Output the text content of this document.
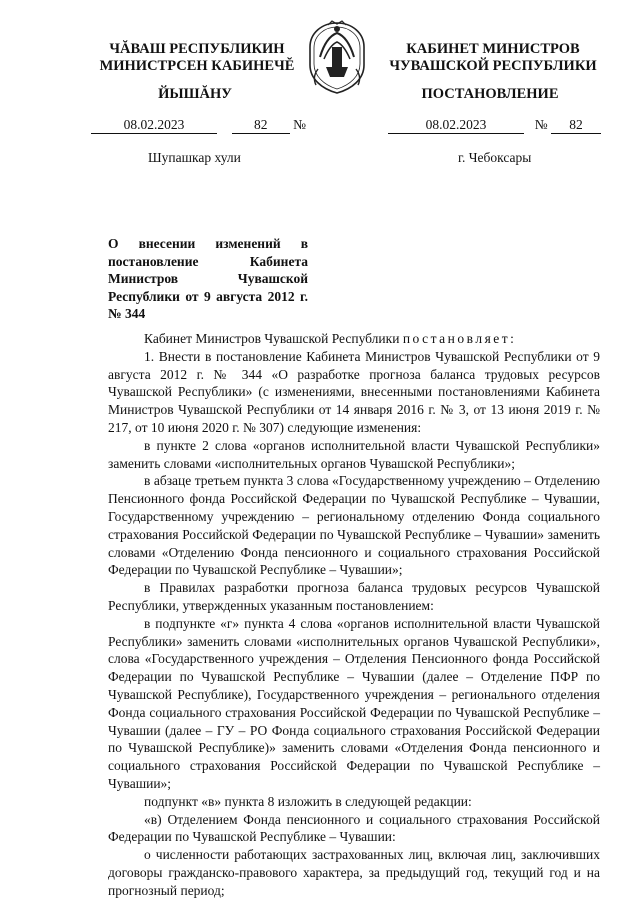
ЧĂВАШ РЕСПУБЛИКИН
МИНИСТРСЕН КАБИНЕЧĔ
ЙЫШĂНУ
КАБИНЕТ МИНИСТРОВ
ЧУВАШСКОЙ РЕСПУБЛИКИ
ПОСТАНОВЛЕНИЕ
08.02.2023	82 №	08.02.2023	№ 82
Шупашкар хули	г. Чебоксары
О внесении изменений в постановление Кабинета Министров Чувашской Республики от 9 августа 2012 г. № 344

Кабинет Министров Чувашской Республики постановляет:

1. Внести в постановление Кабинета Министров Чувашской Республики от 9 августа 2012 г. № 344 «О разработке прогноза баланса трудовых ресурсов Чувашской Республики» (с изменениями, внесенными постановлениями Кабинета Министров Чувашской Республики от 14 января 2016 г. № 3, от 13 июня 2019 г. № 217, от 10 июня 2020 г. № 307) следующие изменения:

в пункте 2 слова «органов исполнительной власти Чувашской Республики» заменить словами «исполнительных органов Чувашской Республики»;

в абзаце третьем пункта 3 слова «Государственному учреждению – Отделению Пенсионного фонда Российской Федерации по Чувашской Республике – Чувашии, Государственному учреждению – региональному отделению Фонда социального страхования Российской Федерации по Чувашской Республике – Чувашии» заменить словами «Отделению Фонда пенсионного и социального страхования Российской Федерации по Чувашской Республике – Чувашии»;

в Правилах разработки прогноза баланса трудовых ресурсов Чувашской Республики, утвержденных указанным постановлением:

в подпункте «г» пункта 4 слова «органов исполнительной власти Чувашской Республики» заменить словами «исполнительных органов Чувашской Республики», слова «Государственного учреждения – Отделения Пенсионного фонда Российской Федерации по Чувашской Республике – Чувашии (далее – Отделение ПФР по Чувашской Республике), Государственного учреждения – регионального отделения Фонда социального страхования Российской Федерации по Чувашской Республике – Чувашии (далее – ГУ – РО Фонда социального страхования Российской Федерации по Чувашской Республике)» заменить словами «Отделения Фонда пенсионного и социального страхования Российской Федерации по Чувашской Республике – Чувашии»;

подпункт «в» пункта 8 изложить в следующей редакции:

«в) Отделением Фонда пенсионного и социального страхования Российской Федерации по Чувашской Республике – Чувашии:

о численности работающих застрахованных лиц, включая лиц, заключивших договоры гражданско-правового характера, за предыдущий год, текущий год и на прогнозный период;
